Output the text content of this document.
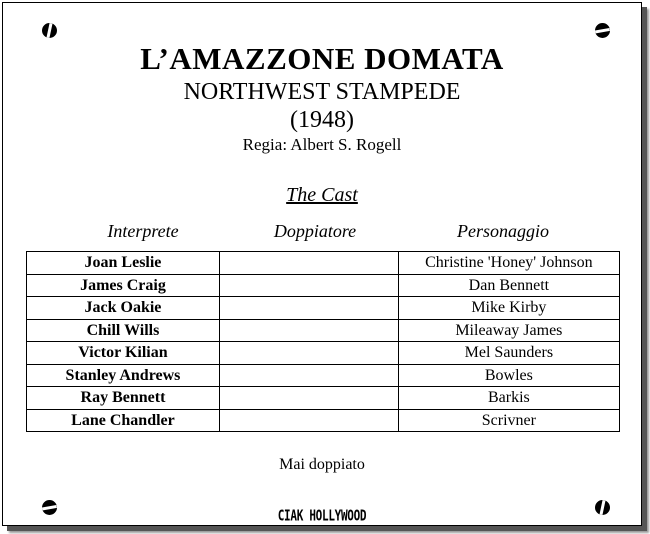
L’AMAZZONE DOMATA
NORTHWEST STAMPEDE
(1948)
Regia: Albert S. Rogell
The Cast
Interprete	Doppiatore	Personaggio
Joan Leslie		Christine 'Honey' Johnson
James Craig		Dan Bennett
Jack Oakie		Mike Kirby
Chill Wills		Mileaway James
Victor Kilian		Mel Saunders
Stanley Andrews		Bowles
Ray Bennett		Barkis
Lane Chandler		Scrivner
Mai doppiato
CIAK HOLLYWOOD
